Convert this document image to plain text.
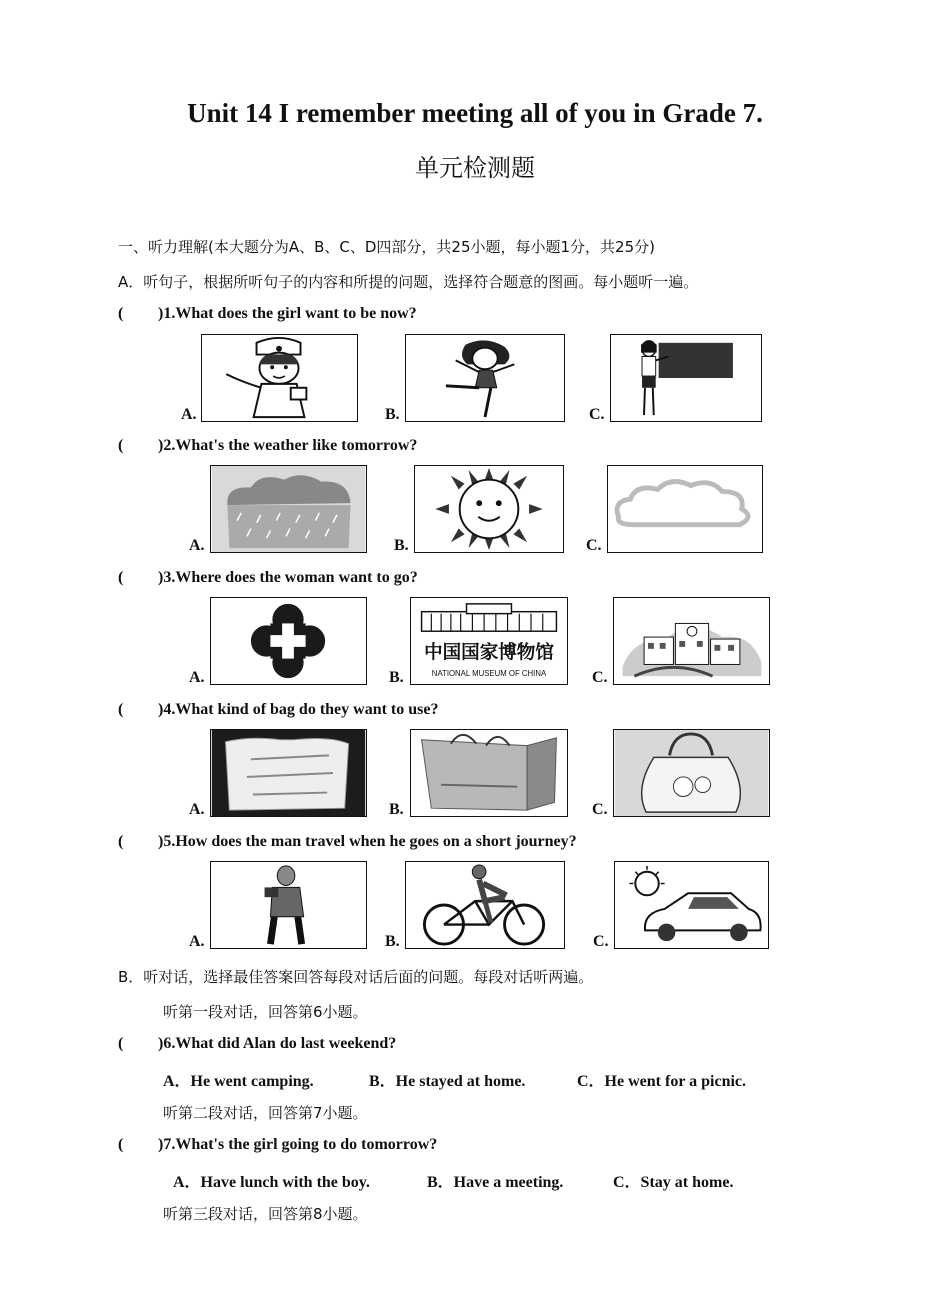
Unit 14 I remember meeting all of you in Grade 7.
单元检测题
一、听力理解(本大题分为A、B、C、D四部分，共25小题，每小题1分，共25分)
A．听句子，根据所听句子的内容和所提的问题，选择符合题意的图画。每小题听一遍。
( )1.What does the girl want to be now?
A.	B.	C.
( )2.What's the weather like tomorrow?
A.	B.	C.
( )3.Where does the woman want to go?
A.	B.
中国国家博物馆
NATIONAL MUSEUM OF CHINA	C.
( )4.What kind of bag do they want to use?
A.	B.	C.
( )5.How does the man travel when he goes on a short journey?
A.	B.	C.
B．听对话，选择最佳答案回答每段对话后面的问题。每段对话听两遍。
听第一段对话，回答第6小题。
( )6.What did Alan do last weekend?
A．He went camping.	B．He stayed at home.	C．He went for a picnic.
听第二段对话，回答第7小题。
( )7.What's the girl going to do tomorrow?
A．Have lunch with the boy.	B．Have a meeting.	C．Stay at home.
听第三段对话，回答第8小题。
